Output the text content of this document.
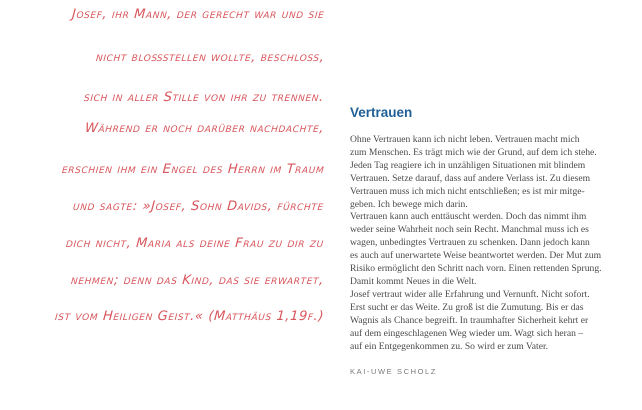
Josef, ihr Mann, der gerecht war und sie
nicht bloßstellen wollte, beschloss,
sich in aller Stille von ihr zu trennen.
Während er noch darüber nachdachte,
erschien ihm ein Engel des Herrn im Traum
und sagte: »Josef, Sohn Davids, fürchte
dich nicht, Maria als deine Frau zu dir zu
nehmen; denn das Kind, das sie erwartet,
ist vom Heiligen Geist.« (Matthäus 1,19f.)
Vertrauen
Ohne Vertrauen kann ich nicht leben. Vertrauen macht mich
zum Menschen. Es trägt mich wie der Grund, auf dem ich stehe.
Jeden Tag reagiere ich in unzähligen Situationen mit blindem
Vertrauen. Setze darauf, dass auf andere Verlass ist. Zu diesem
Vertrauen muss ich mich nicht entschließen; es ist mir mitge-
geben. Ich bewege mich darin.
Vertrauen kann auch enttäuscht werden. Doch das nimmt ihm
weder seine Wahrheit noch sein Recht. Manchmal muss ich es
wagen, unbedingtes Vertrauen zu schenken. Dann jedoch kann
es auch auf unerwartete Weise beantwortet werden. Der Mut zum
Risiko ermöglicht den Schritt nach vorn. Einen rettenden Sprung.
Damit kommt Neues in die Welt.
Josef vertraut wider alle Erfahrung und Vernunft. Nicht sofort.
Erst sucht er das Weite. Zu groß ist die Zumutung. Bis er das
Wagnis als Chance begreift. In traumhafter Sicherheit kehrt er
auf dem eingeschlagenen Weg wieder um. Wagt sich heran –
auf ein Entgegenkommen zu. So wird er zum Vater.
KAI-UWE SCHOLZ
